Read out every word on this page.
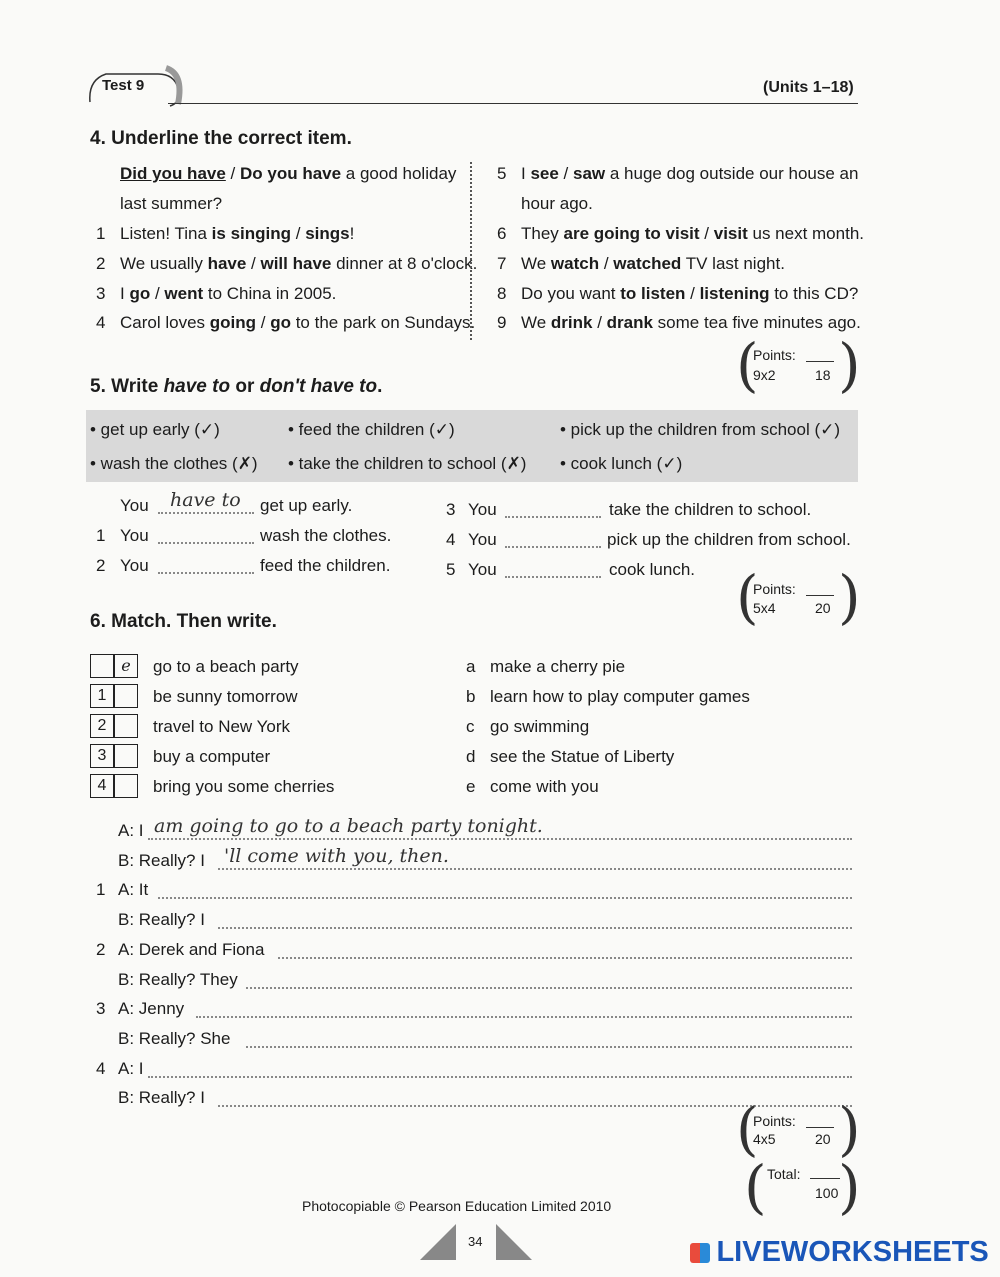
Test 9	(Units 1–18)
4. Underline the correct item.
Did you have / Do you have a good holiday
last summer?
1 Listen! Tina is singing / sings!
2 We usually have / will have dinner at 8 o'clock.
3 I go / went to China in 2005.
4 Carol loves going / go to the park on Sundays.
5 I see / saw a huge dog outside our house an
hour ago.
6 They are going to visit / visit us next month.
7 We watch / watched TV last night.
8 Do you want to listen / listening to this CD?
9 We drink / drank some tea five minutes ago.
( )
Points:
9x2	18
5. Write have to or don't have to.
• get up early (✓)	• feed the children (✓)	• pick up the children from school (✓)
• wash the clothes (✗) • take the children to school (✗) • cook lunch (✓)
You have to get up early.
1 You	wash the clothes.
2 You	feed the children.
3 You	take the children to school.
4 You	pick up the children from school.
5 You	cook lunch. ( )
Points:
5x4	20
6. Match. Then write.
e	go to a beach party
1	be sunny tomorrow
2	travel to New York
3	buy a computer
4	bring you some cherries
a make a cherry pie
b learn how to play computer games
c go swimming
d see the Statue of Liberty
e come with you
A: I am going to go to a beach party tonight.
B: Really? I 'll come with you, then.
1 A: It
B: Really? I
2 A: Derek and Fiona
B: Really? They
3 A: Jenny
B: Really? She
4 A: I
B: Really? I	( )
Points:
4x5	20
( )
Total:
100
Photocopiable © Pearson Education Limited 2010
34	LIVEWORKSHEETS
